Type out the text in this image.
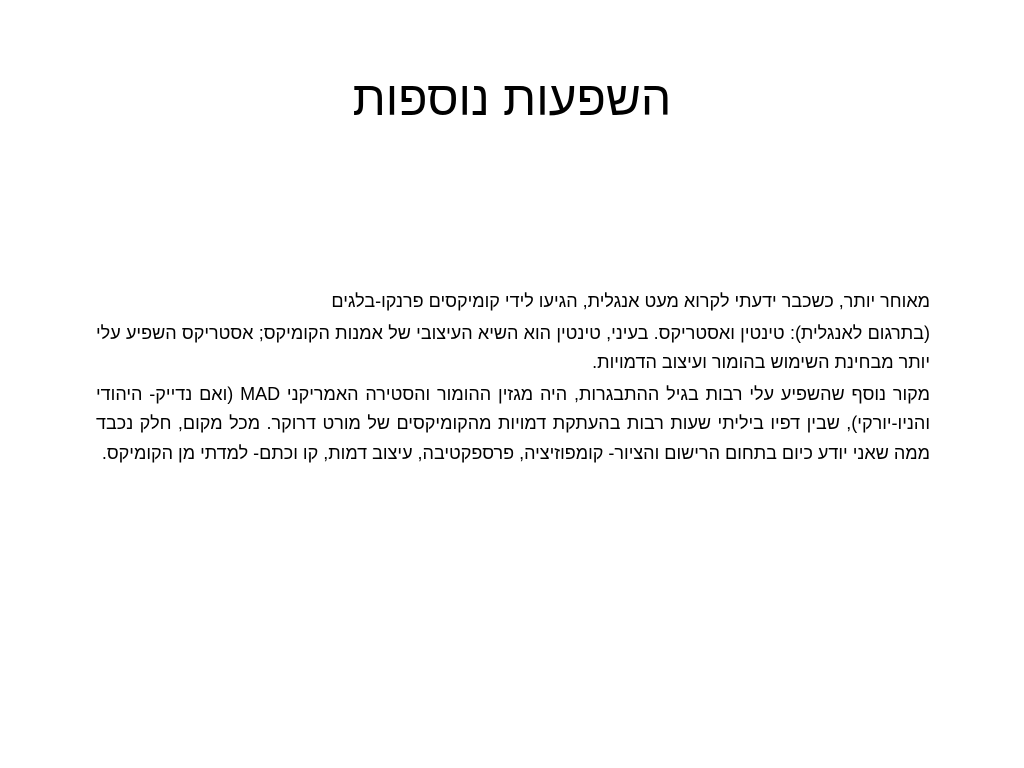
השפעות נוספות

מאוחר יותר, כשכבר ידעתי לקרוא מעט אנגלית, הגיעו לידי קומיקסים פרנקו-בלגים

(בתרגום לאנגלית): טינטין ואסטריקס. בעיני, טינטין הוא השיא העיצובי של אמנות הקומיקס; אסטריקס השפיע עלי יותר מבחינת השימוש בהומור ועיצוב הדמויות.

מקור נוסף שהשפיע עלי רבות בגיל ההתבגרות, היה מגזין ההומור והסטירה האמריקני MAD (ואם נדייק- היהודי והניו-יורקי), שבין דפיו ביליתי שעות רבות בהעתקת דמויות מהקומיקסים של מורט דרוקר. מכל מקום, חלק נכבד ממה שאני יודע כיום בתחום הרישום והציור- קומפוזיציה, פרספקטיבה, עיצוב דמות, קו וכתם- למדתי מן הקומיקס.
